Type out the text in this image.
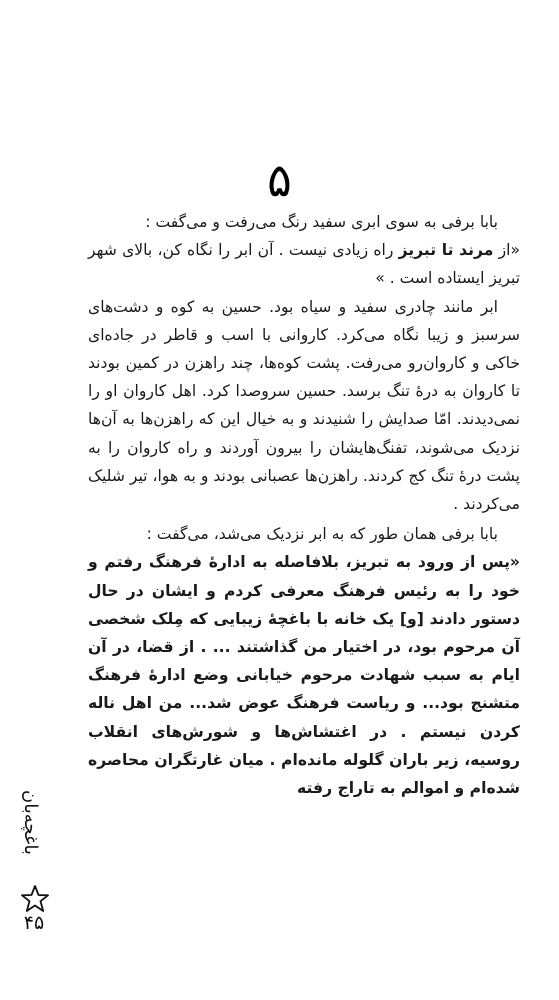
۵

بابا برفی به سوی ابری سفید رنگ می‌رفت و می‌گفت :

«از مرند تا تبریز راه زیادی نیست . آن ابر را نگاه کن، بالای شهر تبریز ایستاده است . »

ابر مانند چادری سفید و سیاه بود. حسین به کوه و دشت‌های سرسبز و زیبا نگاه می‌کرد. کاروانی با اسب و قاطر در جاده‌ای خاکی و کاروان‌رو می‌رفت. پشت کوه‌ها، چند راهزن در کمین بودند تا کاروان به درهٔ تنگ برسد. حسین سروصدا کرد. اهل کاروان او را نمی‌دیدند. امّا صدایش را شنیدند و به خیال این که راهزن‌ها به آن‌ها نزدیک می‌شوند، تفنگ‌هایشان را بیرون آوردند و راه کاروان را به پشت درهٔ تنگ کج کردند. راهزن‌ها عصبانی بودند و به هوا، تیر شلیک می‌کردند .

بابا برفی همان طور که به ابر نزدیک می‌شد، می‌گفت :

«پس از ورود به تبریز، بلافاصله به ادارهٔ فرهنگ رفتم و خود را به رئیس فرهنگ معرفی کردم و ایشان در حال دستور دادند [و] یک خانه با باغچهٔ زیبایی که مِلک شخصی آن مرحوم بود، در اختیار من گذاشتند ... . از قضا، در آن ایام به سبب شهادت مرحوم خیابانی وضع ادارهٔ فرهنگ متشنج بود... و ریاست فرهنگ عوض شد... من اهل ناله کردن نیستم . در اغتشاش‌ها و شورش‌های انقلاب روسیه، زیر باران گلوله مانده‌ام . میان غارتگران محاصره شده‌ام و اموالم به تاراج رفته

باغچه‌بان
۴۵
